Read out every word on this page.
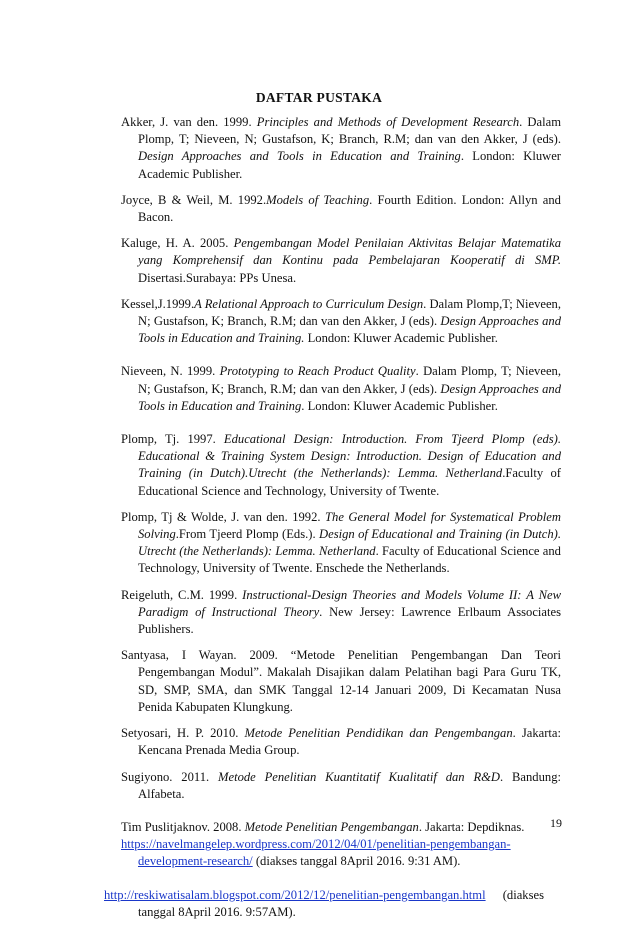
DAFTAR PUSTAKA

Akker, J. van den. 1999. Principles and Methods of Development Research. Dalam Plomp, T; Nieveen, N; Gustafson, K; Branch, R.M; dan van den Akker, J (eds). Design Approaches and Tools in Education and Training. London: Kluwer Academic Publisher.

Joyce, B & Weil, M. 1992.Models of Teaching. Fourth Edition. London: Allyn and Bacon.

Kaluge, H. A. 2005. Pengembangan Model Penilaian Aktivitas Belajar Matematika yang Komprehensif dan Kontinu pada Pembelajaran Kooperatif di SMP. Disertasi.Surabaya: PPs Unesa.

Kessel,J.1999.A Relational Approach to Curriculum Design. Dalam Plomp,T; Nieveen, N; Gustafson, K; Branch, R.M; dan van den Akker, J (eds). Design Approaches and Tools in Education and Training. London: Kluwer Academic Publisher.

Nieveen, N. 1999. Prototyping to Reach Product Quality. Dalam Plomp, T; Nieveen, N; Gustafson, K; Branch, R.M; dan van den Akker, J (eds). Design Approaches and Tools in Education and Training. London: Kluwer Academic Publisher.

Plomp, Tj. 1997. Educational Design: Introduction. From Tjeerd Plomp (eds). Educational & Training System Design: Introduction. Design of Education and Training (in Dutch).Utrecht (the Netherlands): Lemma. Netherland.Faculty of Educational Science and Technology, University of Twente.

Plomp, Tj & Wolde, J. van den. 1992. The General Model for Systematical Problem Solving.From Tjeerd Plomp (Eds.). Design of Educational and Training (in Dutch). Utrecht (the Netherlands): Lemma. Netherland. Faculty of Educational Science and Technology, University of Twente. Enschede the Netherlands.

Reigeluth, C.M. 1999. Instructional-Design Theories and Models Volume II: A New Paradigm of Instructional Theory. New Jersey: Lawrence Erlbaum Associates Publishers.

Santyasa, I Wayan. 2009. “Metode Penelitian Pengembangan Dan Teori Pengembangan Modul”. Makalah Disajikan dalam Pelatihan bagi Para Guru TK, SD, SMP, SMA, dan SMK Tanggal 12-14 Januari 2009, Di Kecamatan Nusa Penida Kabupaten Klungkung.

Setyosari, H. P. 2010. Metode Penelitian Pendidikan dan Pengembangan. Jakarta: Kencana Prenada Media Group.

Sugiyono. 2011. Metode Penelitian Kuantitatif Kualitatif dan R&D. Bandung: Alfabeta.

Tim Puslitjaknov. 2008. Metode Penelitian Pengembangan. Jakarta: Depdiknas.

https://navelmangelep.wordpress.com/2012/04/01/penelitian-pengembangan-development-research/ (diakses tanggal 8April 2016. 9:31 AM).

http://reskiwatisalam.blogspot.com/2012/12/penelitian-pengembangan.html (diakses
tanggal 8April 2016. 9:57AM).

19
